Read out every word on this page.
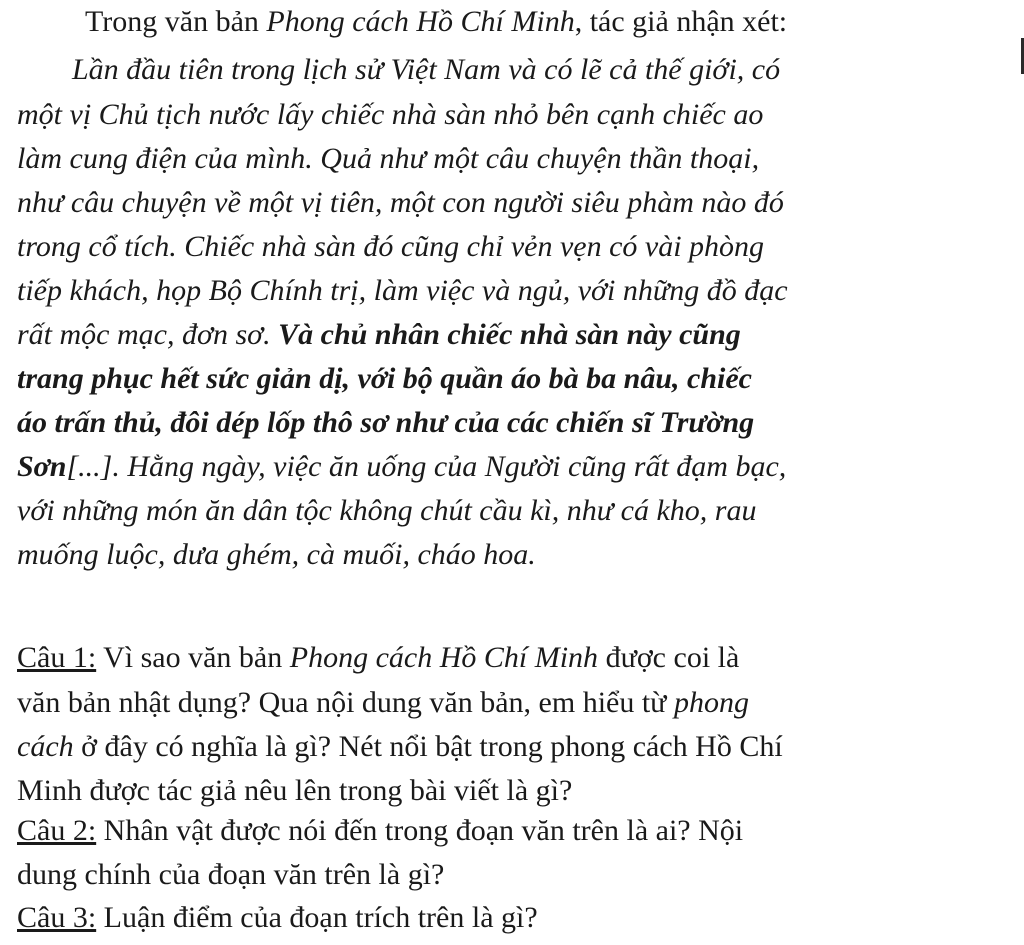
Trong văn bản Phong cách Hồ Chí Minh, tác giả nhận xét:
Lần đầu tiên trong lịch sử Việt Nam và có lẽ cả thế giới, có
một vị Chủ tịch nước lấy chiếc nhà sàn nhỏ bên cạnh chiếc ao
làm cung điện của mình. Quả như một câu chuyện thần thoại,
như câu chuyện về một vị tiên, một con người siêu phàm nào đó
trong cổ tích. Chiếc nhà sàn đó cũng chỉ vẻn vẹn có vài phòng
tiếp khách, họp Bộ Chính trị, làm việc và ngủ, với những đồ đạc
rất mộc mạc, đơn sơ. Và chủ nhân chiếc nhà sàn này cũng
trang phục hết sức giản dị, với bộ quần áo bà ba nâu, chiếc
áo trấn thủ, đôi dép lốp thô sơ như của các chiến sĩ Trường
Sơn[...]. Hằng ngày, việc ăn uống của Người cũng rất đạm bạc,
với những món ăn dân tộc không chút cầu kì, như cá kho, rau
muống luộc, dưa ghém, cà muối, cháo hoa.
Câu 1: Vì sao văn bản Phong cách Hồ Chí Minh được coi là
văn bản nhật dụng? Qua nội dung văn bản, em hiểu từ phong
cách ở đây có nghĩa là gì? Nét nổi bật trong phong cách Hồ Chí
Minh được tác giả nêu lên trong bài viết là gì?
Câu 2: Nhân vật được nói đến trong đoạn văn trên là ai? Nội
dung chính của đoạn văn trên là gì?
Câu 3: Luận điểm của đoạn trích trên là gì?
